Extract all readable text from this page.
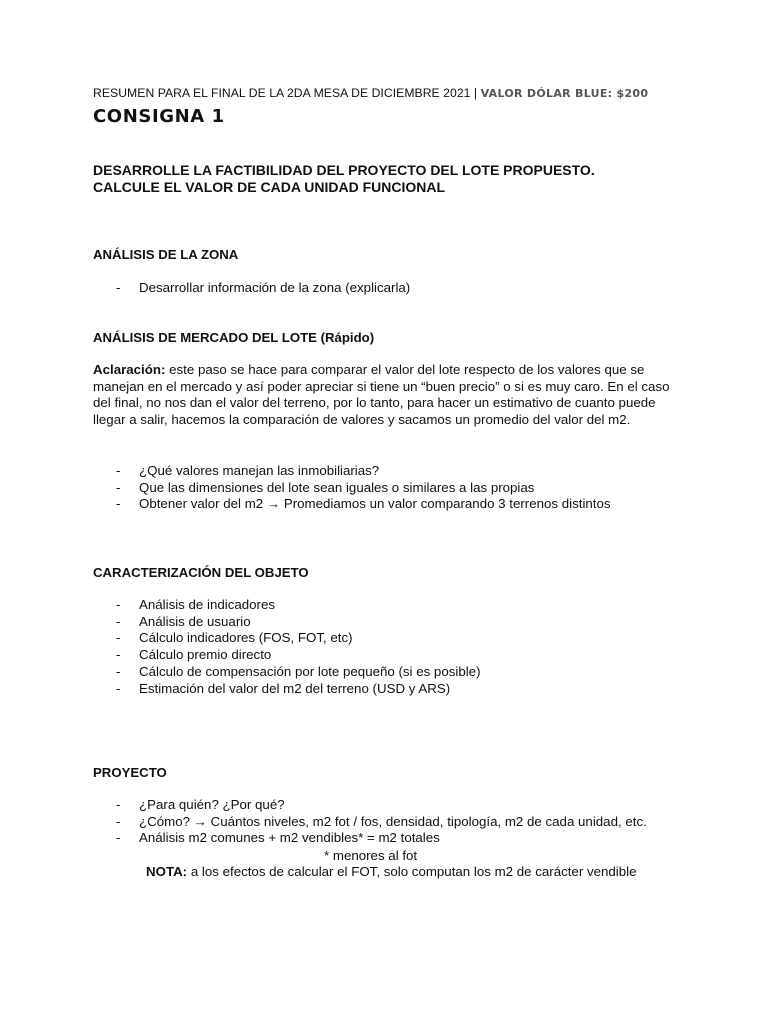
RESUMEN PARA EL FINAL DE LA 2DA MESA DE DICIEMBRE 2021 | VALOR DÓLAR BLUE: $200
CONSIGNA 1
DESARROLLE LA FACTIBILIDAD DEL PROYECTO DEL LOTE PROPUESTO.
CALCULE EL VALOR DE CADA UNIDAD FUNCIONAL
ANÁLISIS DE LA ZONA
- Desarrollar información de la zona (explicarla)
ANÁLISIS DE MERCADO DEL LOTE (Rápido)
Aclaración: este paso se hace para comparar el valor del lote respecto de los valores que se manejan en el mercado y así poder apreciar si tiene un “buen precio” o si es muy caro. En el caso del final, no nos dan el valor del terreno, por lo tanto, para hacer un estimativo de cuanto puede llegar a salir, hacemos la comparación de valores y sacamos un promedio del valor del m2.
- ¿Qué valores manejan las inmobiliarias?
- Que las dimensiones del lote sean iguales o similares a las propias
- Obtener valor del m2 → Promediamos un valor comparando 3 terrenos distintos
CARACTERIZACIÓN DEL OBJETO
- Análisis de indicadores
- Análisis de usuario
- Cálculo indicadores (FOS, FOT, etc)
- Cálculo premio directo
- Cálculo de compensación por lote pequeño (si es posible)
- Estimación del valor del m2 del terreno (USD y ARS)
PROYECTO
- ¿Para quién? ¿Por qué?
- ¿Cómo? → Cuántos niveles, m2 fot / fos, densidad, tipología, m2 de cada unidad, etc.
- Análisis m2 comunes + m2 vendibles* = m2 totales
* menores al fot
NOTA: a los efectos de calcular el FOT, solo computan los m2 de carácter vendible
